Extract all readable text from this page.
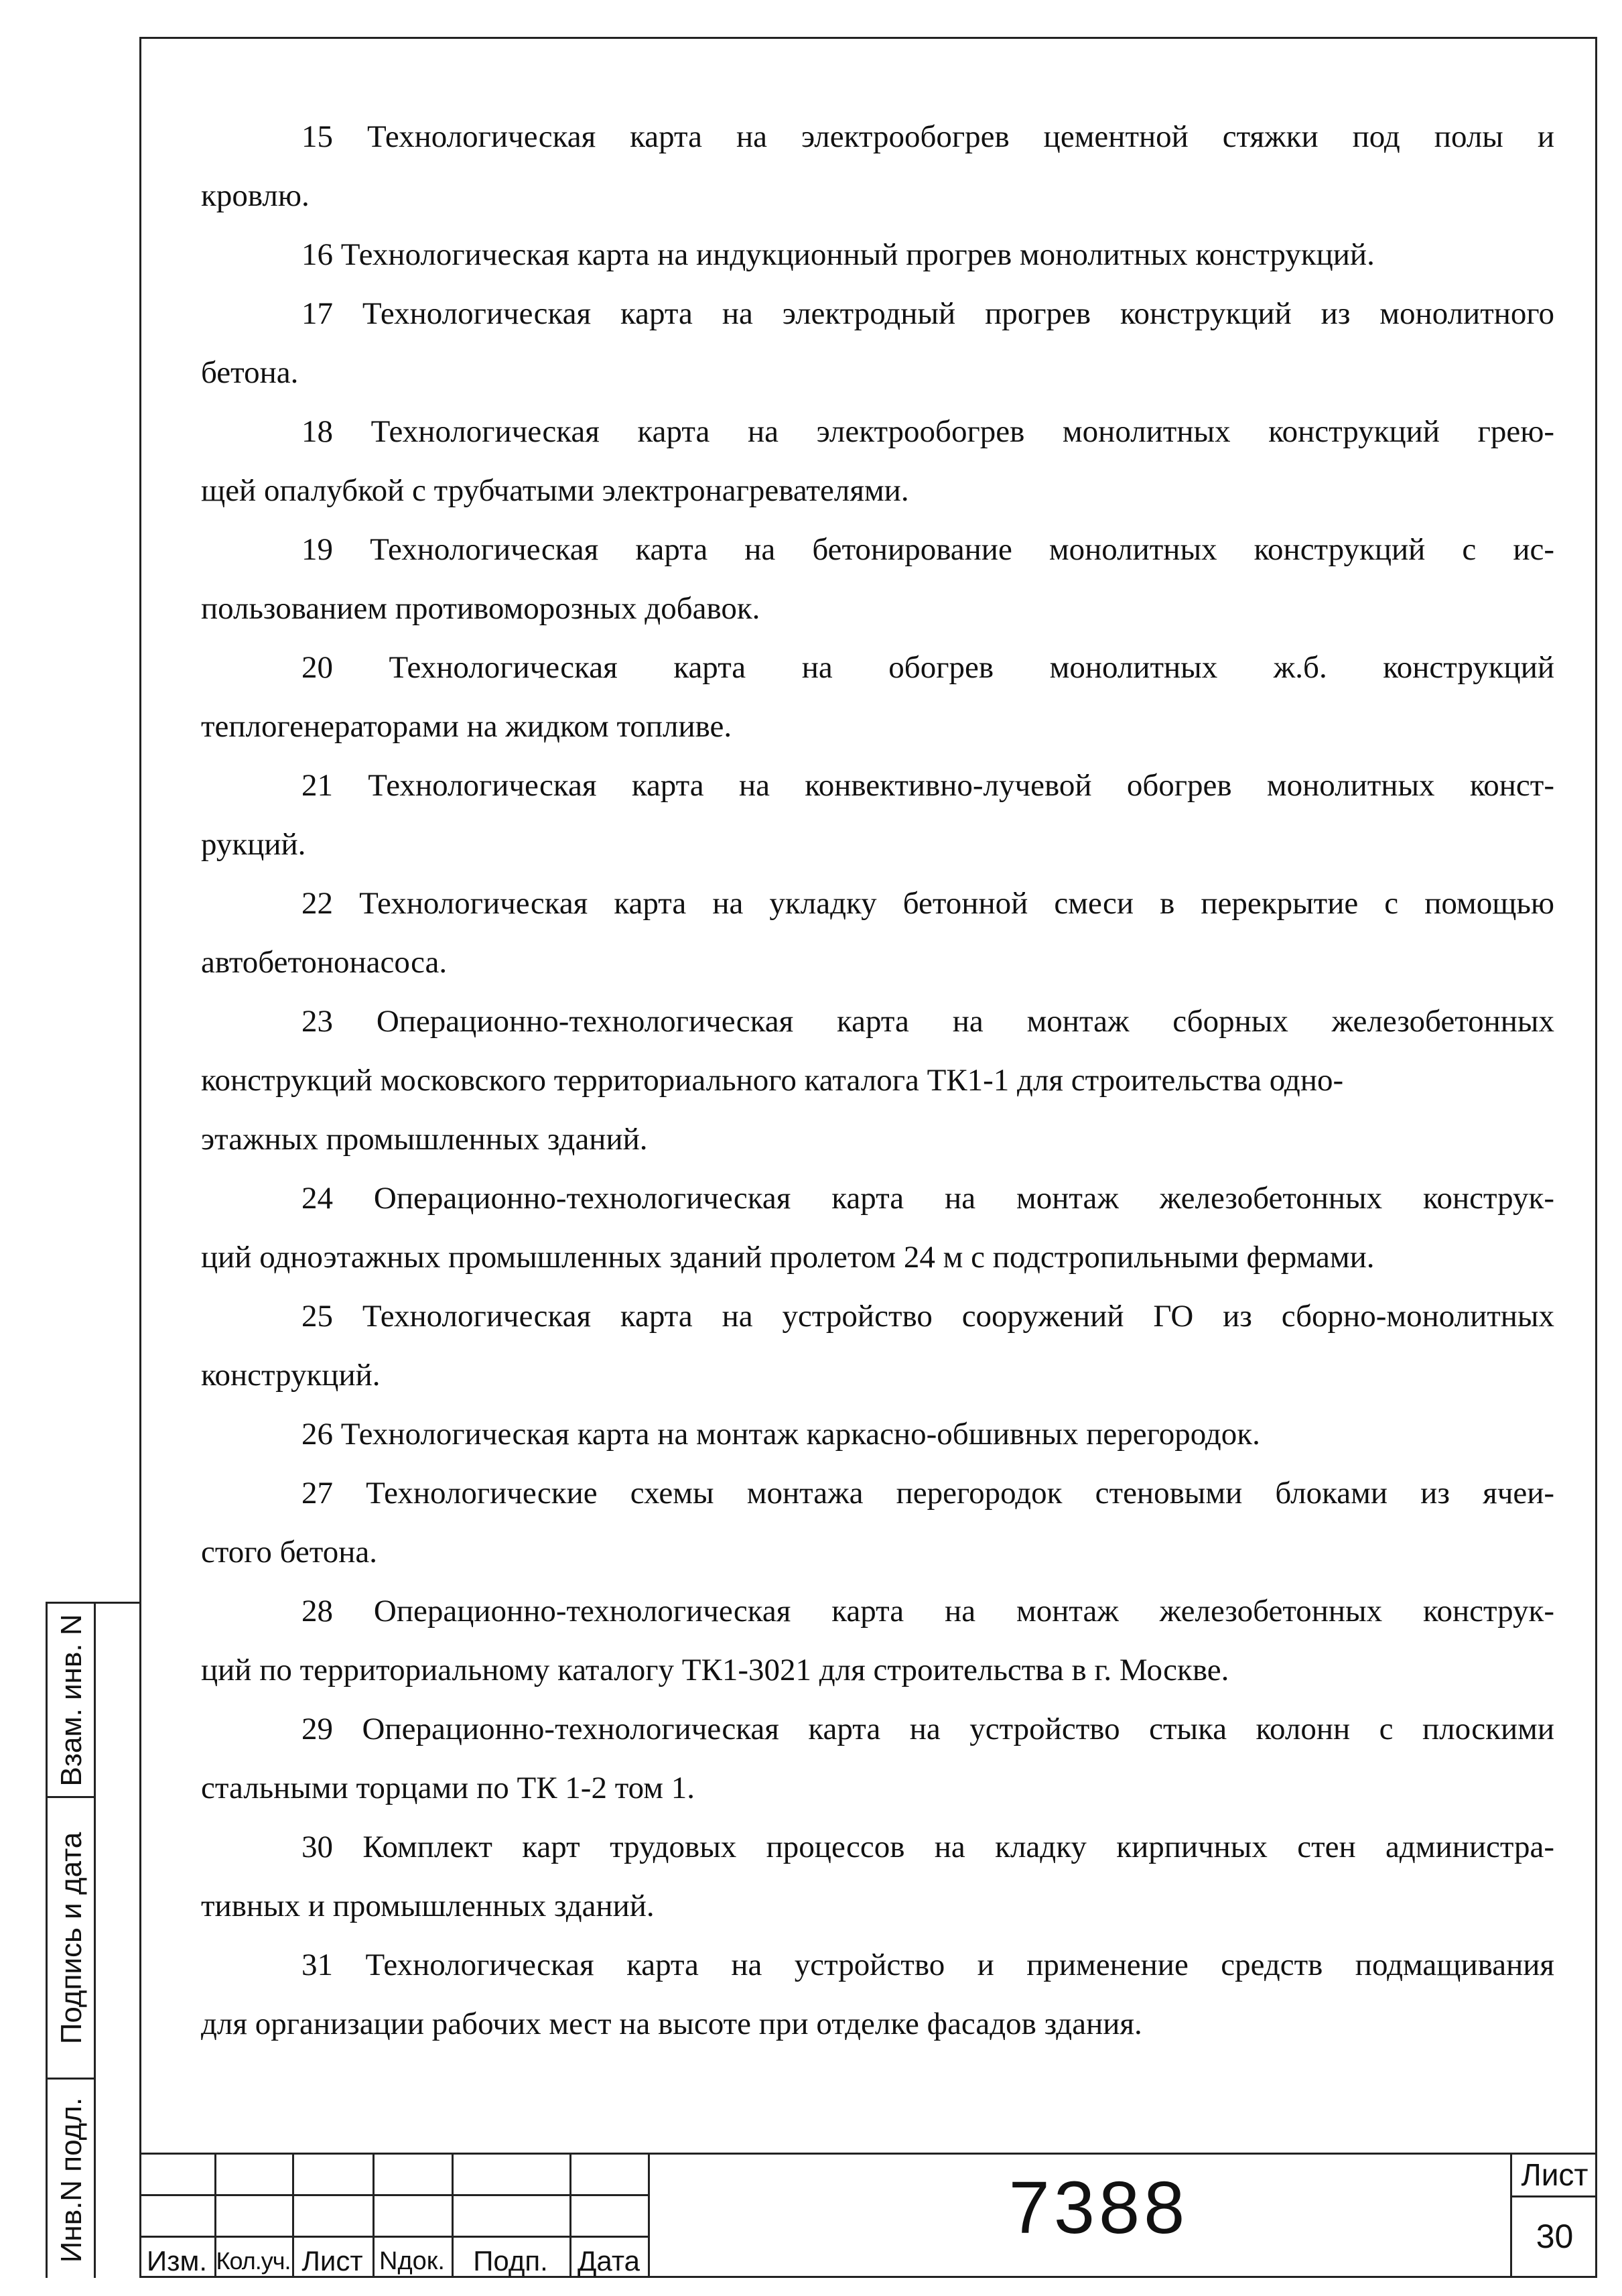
15 Технологическая карта на электрообогрев цементной стяжки под полы и
кровлю.
16 Технологическая карта на индукционный прогрев монолитных конструкций.
17 Технологическая карта на электродный прогрев конструкций из монолитного
бетона.
18 Технологическая карта на электрообогрев монолитных конструкций грею-
щей опалубкой с трубчатыми электронагревателями.
19 Технологическая карта на бетонирование монолитных конструкций с ис-
пользованием противоморозных добавок.
20 Технологическая карта на обогрев монолитных ж.б. конструкций
теплогенераторами на жидком топливе.
21 Технологическая карта на конвективно-лучевой обогрев монолитных конст-
рукций.
22 Технологическая карта на укладку бетонной смеси в перекрытие с помощью
автобетононасоса.
23 Операционно-технологическая карта на монтаж сборных железобетонных
конструкций московского территориального каталога ТК1-1 для строительства одно-
этажных промышленных зданий.
24 Операционно-технологическая карта на монтаж железобетонных конструк-
ций одноэтажных промышленных зданий пролетом 24 м с подстропильными фермами.
25 Технологическая карта на устройство сооружений ГО из сборно-монолитных
конструкций.
26 Технологическая карта на монтаж каркасно-обшивных перегородок.
27 Технологические схемы монтажа перегородок стеновыми блоками из ячеи-
стого бетона.
28 Операционно-технологическая карта на монтаж железобетонных конструк-
ций по территориальному каталогу ТК1-3021 для строительства в г. Москве.
29 Операционно-технологическая карта на устройство стыка колонн с плоскими
стальными торцами по ТК 1-2 том 1.
30 Комплект карт трудовых процессов на кладку кирпичных стен администра-
тивных и промышленных зданий.
31 Технологическая карта на устройство и применение средств подмащивания
для организации рабочих мест на высоте при отделке фасадов здания.
Взам. инв. N
Подпись и дата
Инв.N подл. Изм. Кол.уч. Лист Nдок.	Подп.	Дата
7388	Лист
30
